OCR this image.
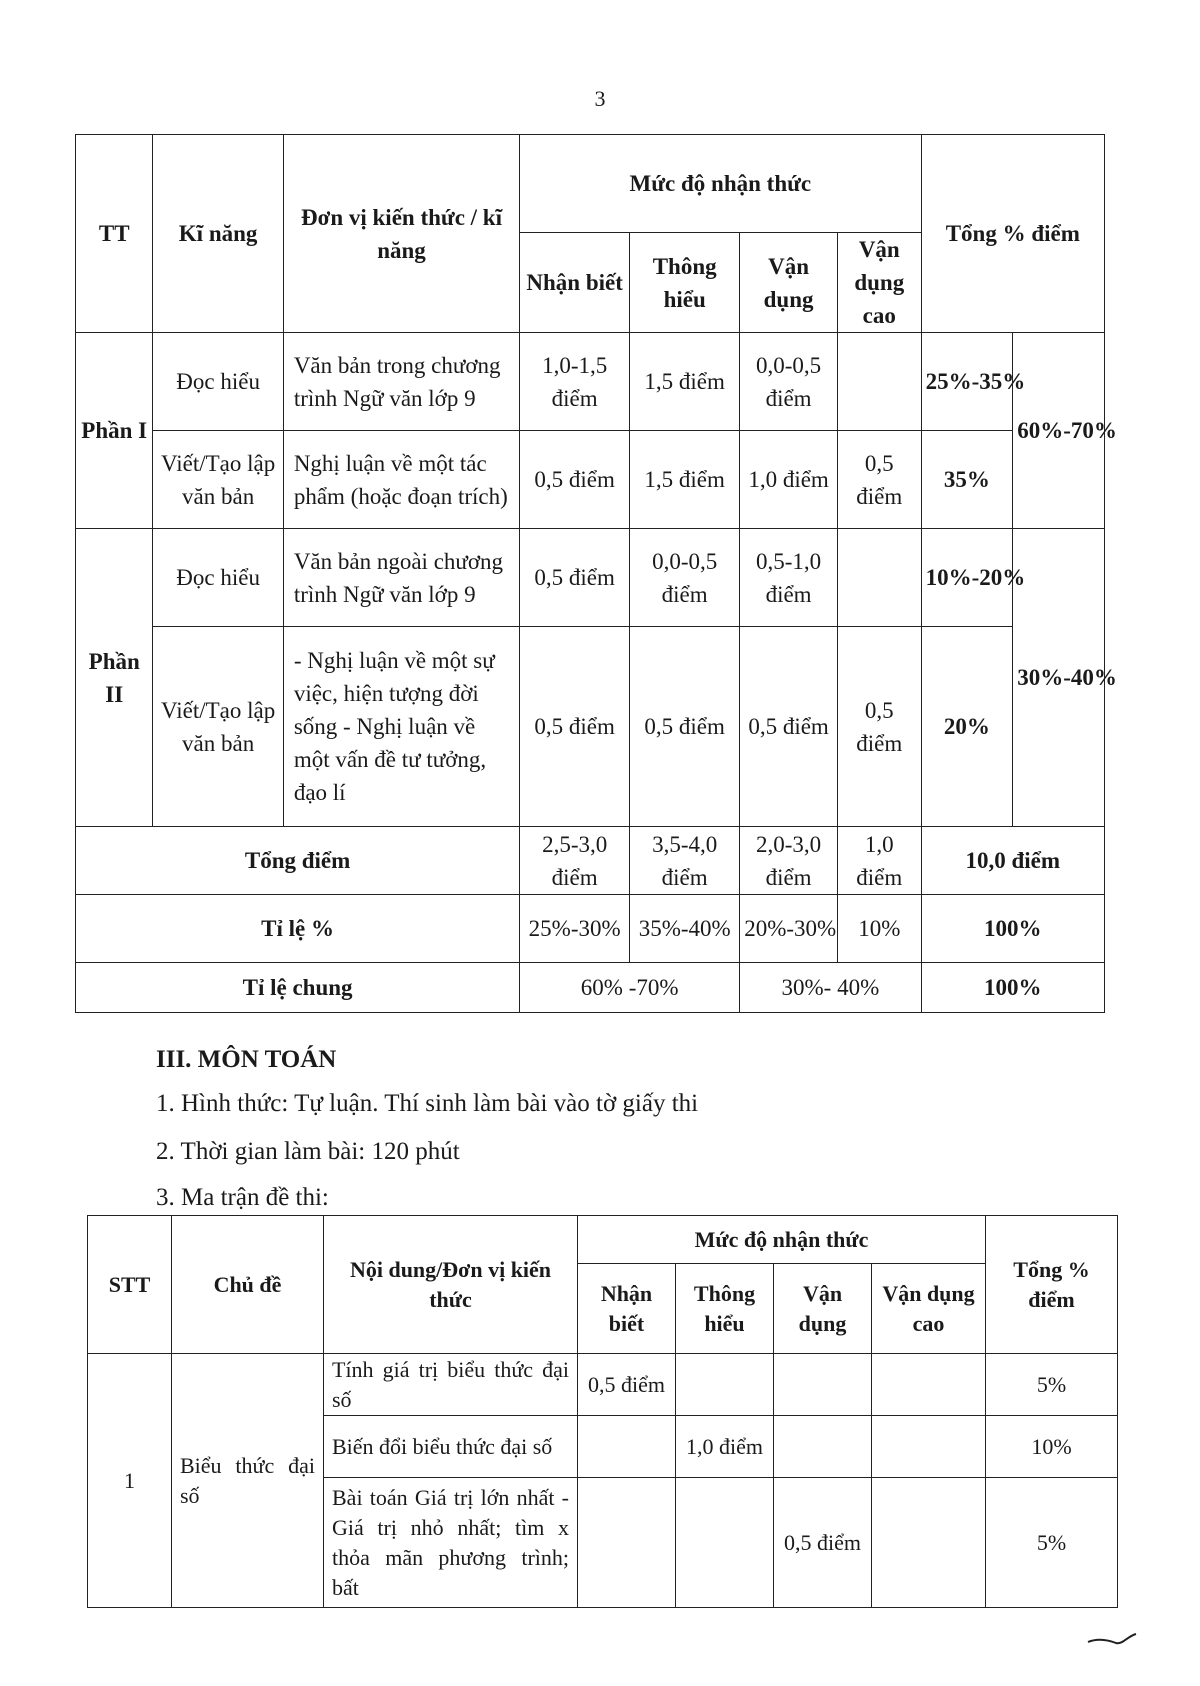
3
TT	Kĩ năng	Đơn vị kiến thức / kĩ năng	Mức độ nhận thức				Tổng % điểm	
			Nhận biết	Thông hiểu	Vận dụng	Vận dụng cao		
Phần I	Đọc hiểu	Văn bản trong chương trình Ngữ văn lớp 9	1,0-1,5 điểm	1,5 điểm	0,0-0,5 điểm		25%-35%	60%-70%
	Viết/Tạo lập văn bản	Nghị luận về một tác phẩm (hoặc đoạn trích)	0,5 điểm	1,5 điểm	1,0 điểm	0,5 điểm	35%	
Phần II	Đọc hiểu	Văn bản ngoài chương trình Ngữ văn lớp 9	0,5 điểm	0,0-0,5 điểm	0,5-1,0 điểm		10%-20%	30%-40%
	Viết/Tạo lập văn bản	- Nghị luận về một sự việc, hiện tượng đời sống - Nghị luận về một vấn đề tư tưởng, đạo lí	0,5 điểm	0,5 điểm	0,5 điểm	0,5 điểm	20%	
Tổng điểm			2,5-3,0 điểm	3,5-4,0 điểm	2,0-3,0 điểm	1,0 điểm	10,0 điểm	
Tỉ lệ %			25%-30%	35%-40%	20%-30%	10%	100%	
Tỉ lệ chung			60% -70%		30%- 40%		100%	
III. MÔN TOÁN
1. Hình thức: Tự luận. Thí sinh làm bài vào tờ giấy thi
2. Thời gian làm bài: 120 phút
3. Ma trận đề thi:
STT	Chủ đề	Nội dung/Đơn vị kiến thức	Mức độ nhận thức				Tổng % điểm
			Nhận biết	Thông hiểu	Vận dụng	Vận dụng cao	
1	Biểu thức đại số	Tính giá trị biểu thức đại số	0,5 điểm				5%
		Biến đổi biểu thức đại số		1,0 điểm			10%
		Bài toán Giá trị lớn nhất - Giá trị nhỏ nhất; tìm x thỏa mãn phương trình; bất			0,5 điểm		5%
